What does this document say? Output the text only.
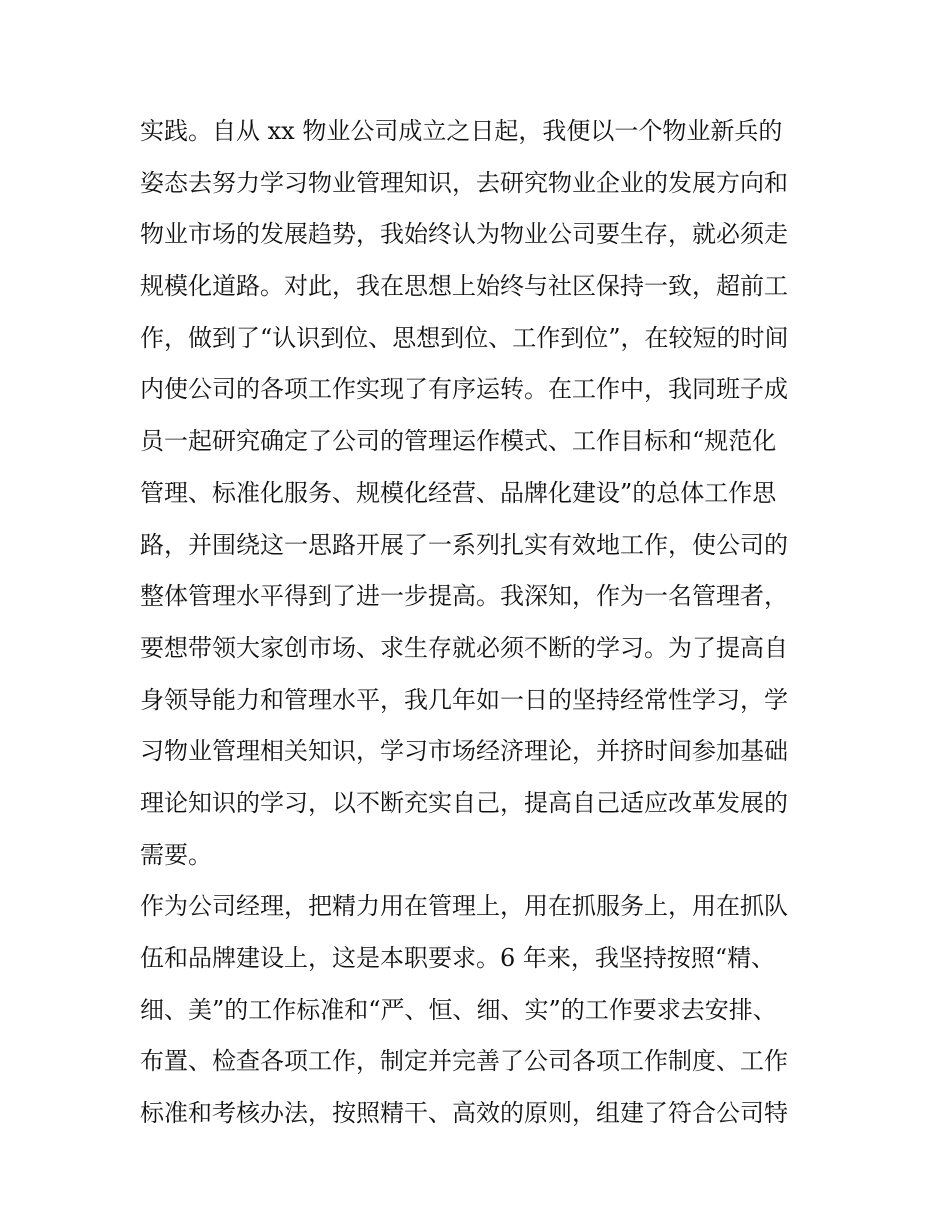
实践。自从 xx 物业公司成立之日起，我便以一个物业新兵的
姿态去努力学习物业管理知识，去研究物业企业的发展方向和
物业市场的发展趋势，我始终认为物业公司要生存，就必须走
规模化道路。对此，我在思想上始终与社区保持一致，超前工
作，做到了“认识到位、思想到位、工作到位”，在较短的时间
内使公司的各项工作实现了有序运转。在工作中，我同班子成
员一起研究确定了公司的管理运作模式、工作目标和“规范化
管理、标准化服务、规模化经营、品牌化建设”的总体工作思
路，并围绕这一思路开展了一系列扎实有效地工作，使公司的
整体管理水平得到了进一步提高。我深知，作为一名管理者，
要想带领大家创市场、求生存就必须不断的学习。为了提高自
身领导能力和管理水平，我几年如一日的坚持经常性学习，学
习物业管理相关知识，学习市场经济理论，并挤时间参加基础
理论知识的学习，以不断充实自己，提高自己适应改革发展的
需要。
作为公司经理，把精力用在管理上，用在抓服务上，用在抓队
伍和品牌建设上，这是本职要求。6 年来，我坚持按照“精、
细、美”的工作标准和“严、恒、细、实”的工作要求去安排、
布置、检查各项工作，制定并完善了公司各项工作制度、工作
标准和考核办法，按照精干、高效的原则，组建了符合公司特
